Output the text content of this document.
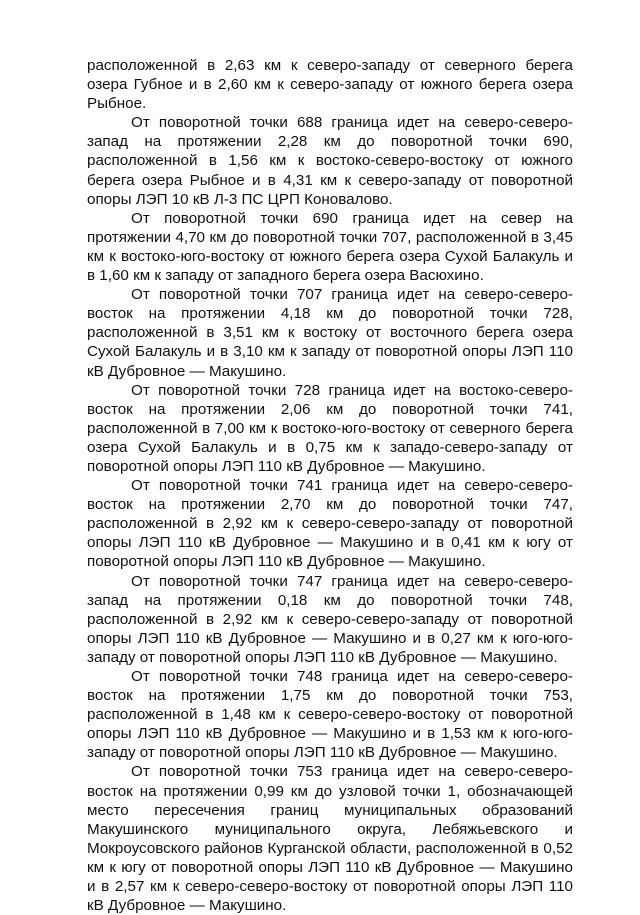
расположенной в 2,63 км к северо-западу от северного берега озера Губное и в 2,60 км к северо-западу от южного берега озера Рыбное.

От поворотной точки 688 граница идет на северо-северо-запад на протяжении 2,28 км до поворотной точки 690, расположенной в 1,56 км к востоко-северо-востоку от южного берега озера Рыбное и в 4,31 км к северо-западу от поворотной опоры ЛЭП 10 кВ Л-3 ПС ЦРП Коновалово.

От поворотной точки 690 граница идет на север на протяжении 4,70 км до поворотной точки 707, расположенной в 3,45 км к востоко-юго-востоку от южного берега озера Сухой Балакуль и в 1,60 км к западу от западного берега озера Васюхино.

От поворотной точки 707 граница идет на северо-северо-восток на протяжении 4,18 км до поворотной точки 728, расположенной в 3,51 км к востоку от восточного берега озера Сухой Балакуль и в 3,10 км к западу от поворотной опоры ЛЭП 110 кВ Дубровное — Макушино.

От поворотной точки 728 граница идет на востоко-северо-восток на протяжении 2,06 км до поворотной точки 741, расположенной в 7,00 км к востоко-юго-востоку от северного берега озера Сухой Балакуль и в 0,75 км к западо-северо-западу от поворотной опоры ЛЭП 110 кВ Дубровное — Макушино.

От поворотной точки 741 граница идет на северо-северо-восток на протяжении 2,70 км до поворотной точки 747, расположенной в 2,92 км к северо-северо-западу от поворотной опоры ЛЭП 110 кВ Дубровное — Макушино и в 0,41 км к югу от поворотной опоры ЛЭП 110 кВ Дубровное — Макушино.

От поворотной точки 747 граница идет на северо-северо-запад на протяжении 0,18 км до поворотной точки 748, расположенной в 2,92 км к северо-северо-западу от поворотной опоры ЛЭП 110 кВ Дубровное — Макушино и в 0,27 км к юго-юго-западу от поворотной опоры ЛЭП 110 кВ Дубровное — Макушино.

От поворотной точки 748 граница идет на северо-северо-восток на протяжении 1,75 км до поворотной точки 753, расположенной в 1,48 км к северо-северо-востоку от поворотной опоры ЛЭП 110 кВ Дубровное — Макушино и в 1,53 км к юго-юго-западу от поворотной опоры ЛЭП 110 кВ Дубровное — Макушино.

От поворотной точки 753 граница идет на северо-северо-восток на протяжении 0,99 км до узловой точки 1, обозначающей место пересечения границ муниципальных образований Макушинского муниципального округа, Лебяжьевского и Мокроусовского районов Курганской области, расположенной в 0,52 км к югу от поворотной опоры ЛЭП 110 кВ Дубровное — Макушино и в 2,57 км к северо-северо-востоку от поворотной опоры ЛЭП 110 кВ Дубровное — Макушино.
